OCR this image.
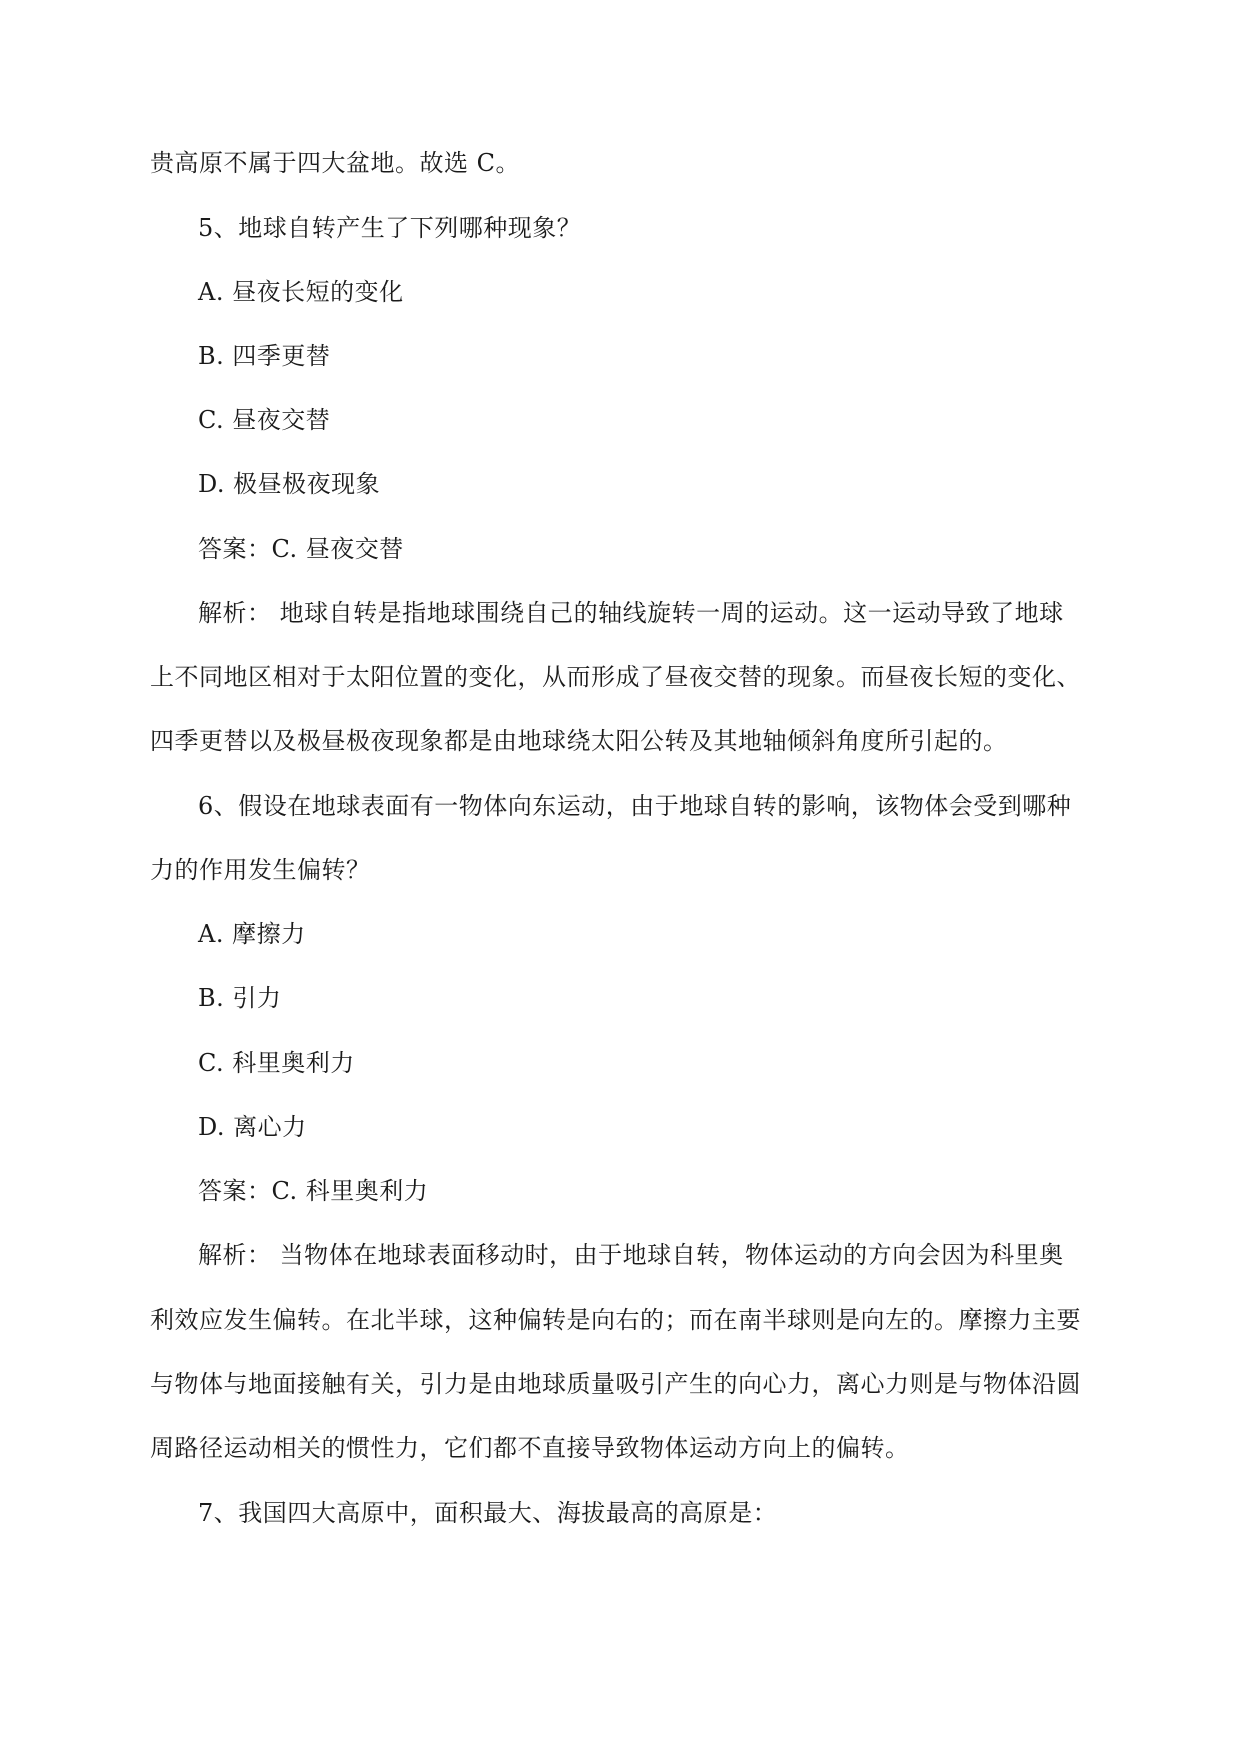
贵高原不属于四大盆地。故选 C。
5、地球自转产生了下列哪种现象？
A. 昼夜长短的变化
B. 四季更替
C. 昼夜交替
D. 极昼极夜现象
答案：C. 昼夜交替
解析： 地球自转是指地球围绕自己的轴线旋转一周的运动。这一运动导致了地球
上不同地区相对于太阳位置的变化，从而形成了昼夜交替的现象。而昼夜长短的变化、
四季更替以及极昼极夜现象都是由地球绕太阳公转及其地轴倾斜角度所引起的。
6、假设在地球表面有一物体向东运动，由于地球自转的影响，该物体会受到哪种
力的作用发生偏转？
A. 摩擦力
B. 引力
C. 科里奥利力
D. 离心力
答案：C. 科里奥利力
解析： 当物体在地球表面移动时，由于地球自转，物体运动的方向会因为科里奥
利效应发生偏转。在北半球，这种偏转是向右的；而在南半球则是向左的。摩擦力主要
与物体与地面接触有关，引力是由地球质量吸引产生的向心力，离心力则是与物体沿圆
周路径运动相关的惯性力，它们都不直接导致物体运动方向上的偏转。
7、我国四大高原中，面积最大、海拔最高的高原是：
